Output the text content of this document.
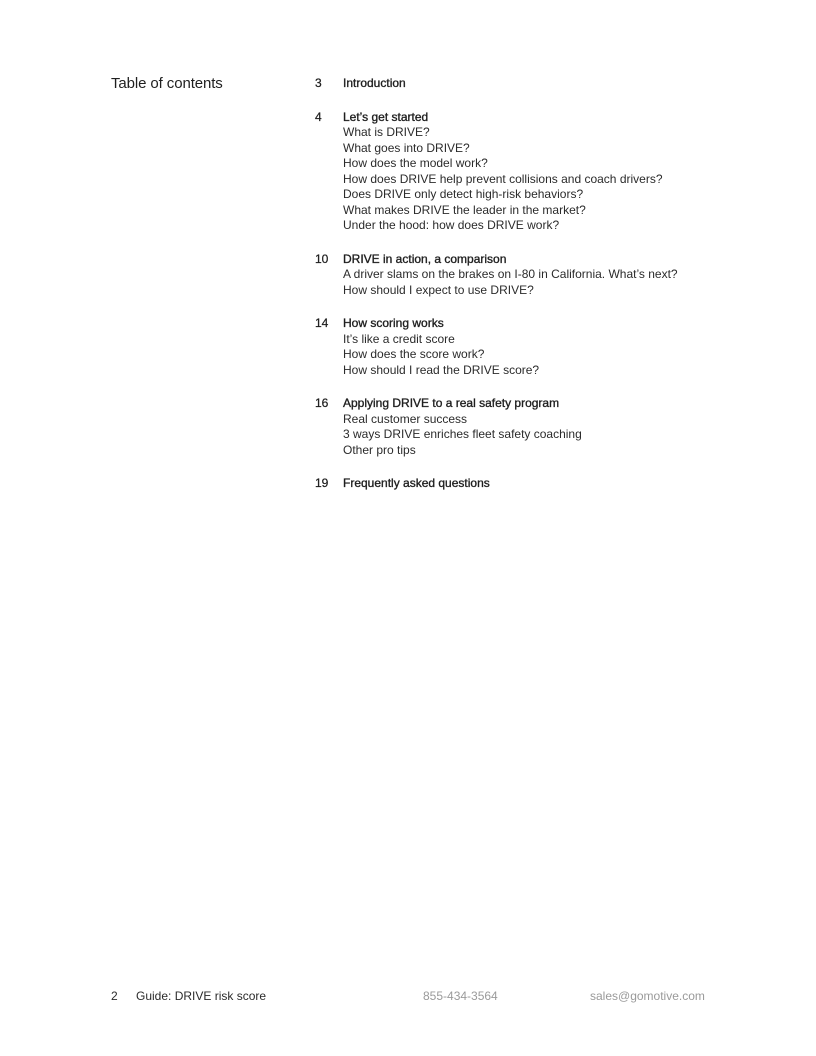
Table of contents	3	Introduction
4	Let’s get started
What is DRIVE?
What goes into DRIVE?
How does the model work?
How does DRIVE help prevent collisions and coach drivers?
Does DRIVE only detect high-risk behaviors?
What makes DRIVE the leader in the market?
Under the hood: how does DRIVE work?
10	DRIVE in action, a comparison
A driver slams on the brakes on I-80 in California. What’s next?
How should I expect to use DRIVE?
14	How scoring works
It’s like a credit score
How does the score work?
How should I read the DRIVE score?
16	Applying DRIVE to a real safety program
Real customer success
3 ways DRIVE enriches fleet safety coaching
Other pro tips
19	Frequently asked questions
2 Guide: DRIVE risk score	855-434-3564	sales@gomotive.com
